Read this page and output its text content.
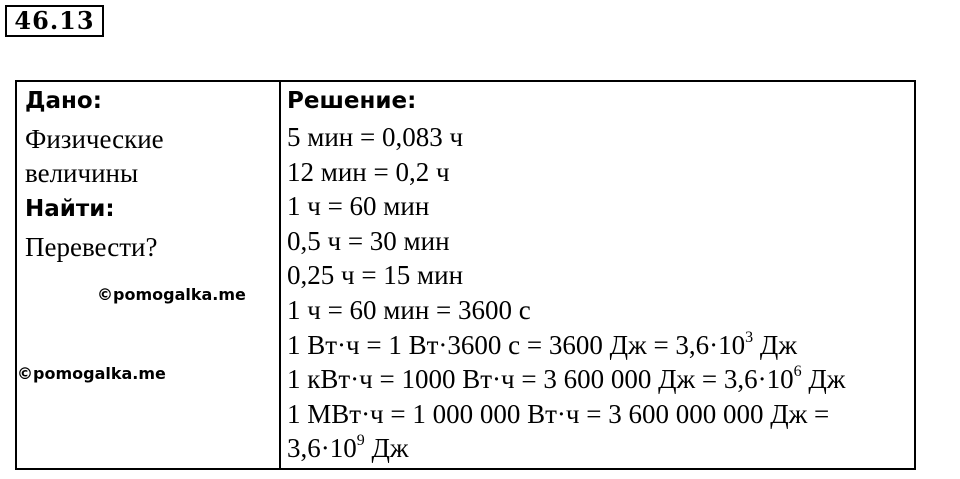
46.13
Дано:
Физические
величины
Найти:
Перевести?
Решение:
5 мин = 0,083 ч
12 мин = 0,2 ч
1 ч = 60 мин
0,5 ч = 30 мин
0,25 ч = 15 мин
1 ч = 60 мин = 3600 с
1 Вт·ч = 1 Вт·3600 с = 3600 Дж = $3,6\cdot 10^3$ Дж
1 кВт·ч = 1000 Вт·ч = 3 600 000 Дж = $3,6\cdot 10^6$ Дж
1 МВт·ч = 1 000 000 Вт·ч = 3 600 000 000 Дж =
$3,6\cdot 10^9$ Дж
©pomogalka.me
©pomogalka.me
